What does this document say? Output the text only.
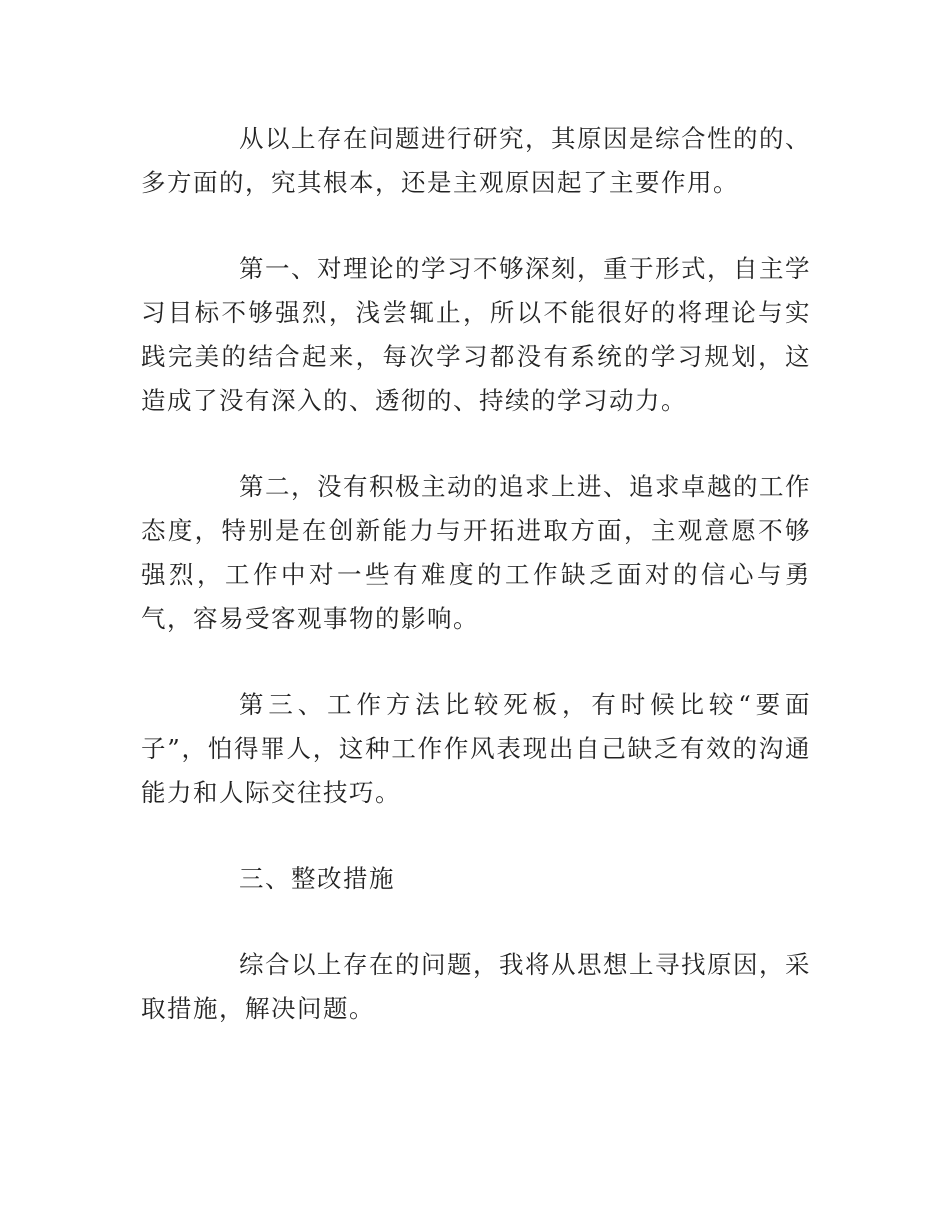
从以上存在问题进行研究，其原因是综合性的的、多方面的，究其根本，还是主观原因起了主要作用。

第一、对理论的学习不够深刻，重于形式，自主学习目标不够强烈，浅尝辄止，所以不能很好的将理论与实践完美的结合起来，每次学习都没有系统的学习规划，这造成了没有深入的、透彻的、持续的学习动力。

第二，没有积极主动的追求上进、追求卓越的工作态度，特别是在创新能力与开拓进取方面，主观意愿不够强烈，工作中对一些有难度的工作缺乏面对的信心与勇气，容易受客观事物的影响。

第三、工作方法比较死板，有时候比较“要面子”，怕得罪人，这种工作作风表现出自己缺乏有效的沟通能力和人际交往技巧。

三、整改措施

综合以上存在的问题，我将从思想上寻找原因，采取措施，解决问题。
